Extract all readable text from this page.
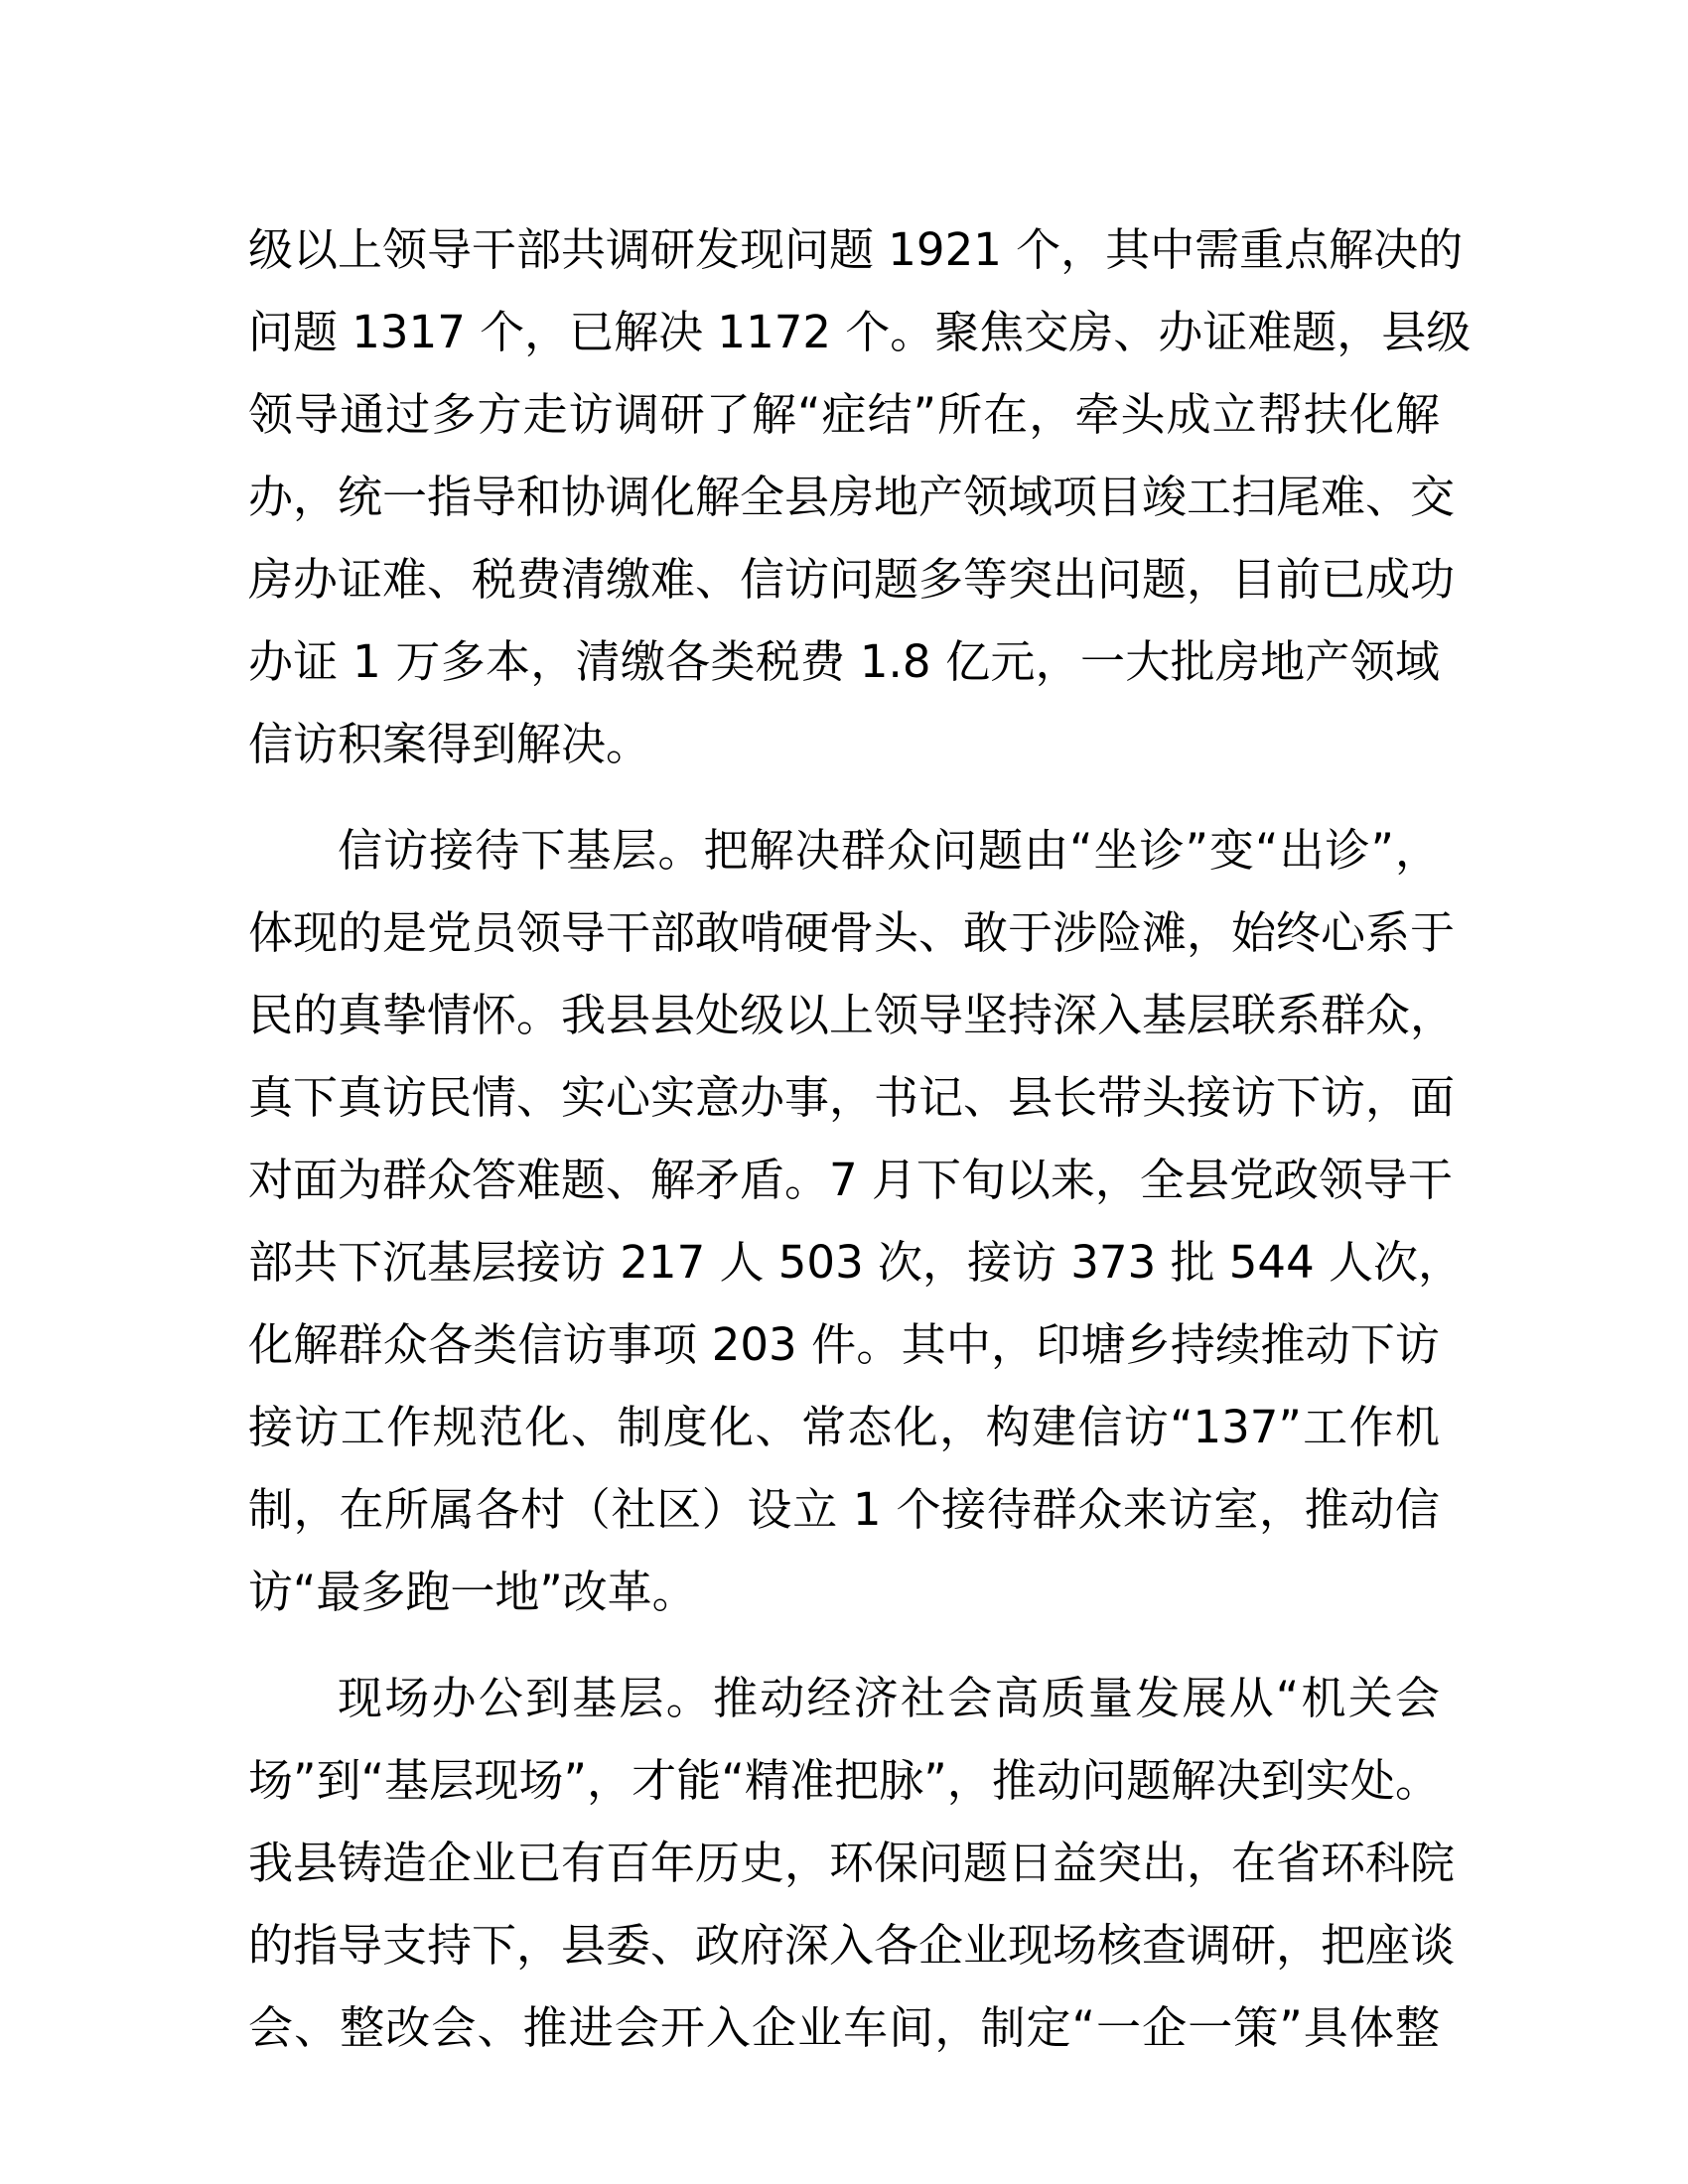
级以上领导干部共调研发现问题 1921 个，其中需重点解决的
问题 1317 个，已解决 1172 个。聚焦交房、办证难题，县级
领导通过多方走访调研了解“症结”所在，牵头成立帮扶化解
办，统一指导和协调化解全县房地产领域项目竣工扫尾难、交
房办证难、税费清缴难、信访问题多等突出问题，目前已成功
办证 1 万多本，清缴各类税费 1.8 亿元，一大批房地产领域
信访积案得到解决。

信访接待下基层。把解决群众问题由“坐诊”变“出诊”，
体现的是党员领导干部敢啃硬骨头、敢于涉险滩，始终心系于
民的真挚情怀。我县县处级以上领导坚持深入基层联系群众，
真下真访民情、实心实意办事，书记、县长带头接访下访，面
对面为群众答难题、解矛盾。7 月下旬以来，全县党政领导干
部共下沉基层接访 217 人 503 次，接访 373 批 544 人次，
化解群众各类信访事项 203 件。其中，印塘乡持续推动下访
接访工作规范化、制度化、常态化，构建信访“137”工作机
制，在所属各村（社区）设立 1 个接待群众来访室，推动信
访“最多跑一地”改革。

现场办公到基层。推动经济社会高质量发展从“机关会
场”到“基层现场”，才能“精准把脉”，推动问题解决到实处。
我县铸造企业已有百年历史，环保问题日益突出，在省环科院
的指导支持下，县委、政府深入各企业现场核查调研，把座谈
会、整改会、推进会开入企业车间，制定“一企一策”具体整
